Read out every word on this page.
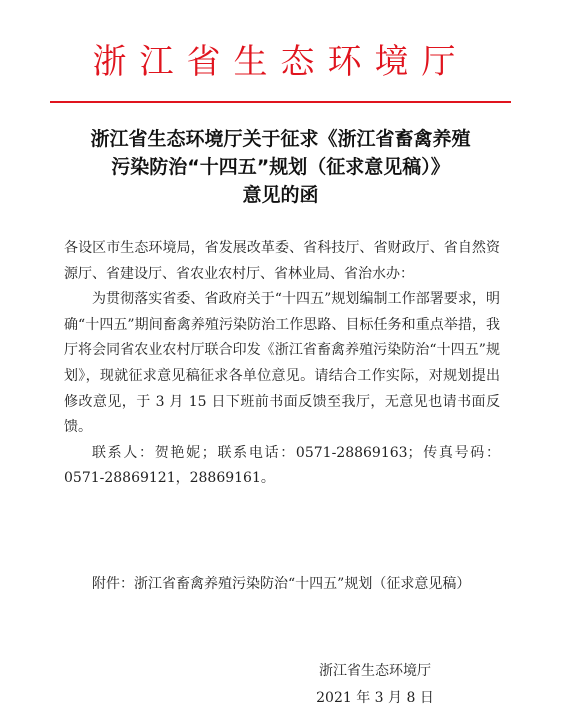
浙江省生态环境厅
浙江省生态环境厅关于征求《浙江省畜禽养殖
污染防治“十四五”规划（征求意见稿）》
意见的函

各设区市生态环境局，省发展改革委、省科技厅、省财政厅、省自然资源厅、省建设厅、省农业农村厅、省林业局、省治水办：

为贯彻落实省委、省政府关于“十四五”规划编制工作部署要求，明确“十四五”期间畜禽养殖污染防治工作思路、目标任务和重点举措，我厅将会同省农业农村厅联合印发《浙江省畜禽养殖污染防治“十四五”规划》，现就征求意见稿征求各单位意见。请结合工作实际，对规划提出修改意见，于 3 月 15 日下班前书面反馈至我厅，无意见也请书面反馈。

联系人：贺艳妮；联系电话：0571-28869163；传真号码：0571-28869121，28869161。

附件：浙江省畜禽养殖污染防治“十四五”规划（征求意见稿）
浙江省生态环境厅
2021 年 3 月 8 日
